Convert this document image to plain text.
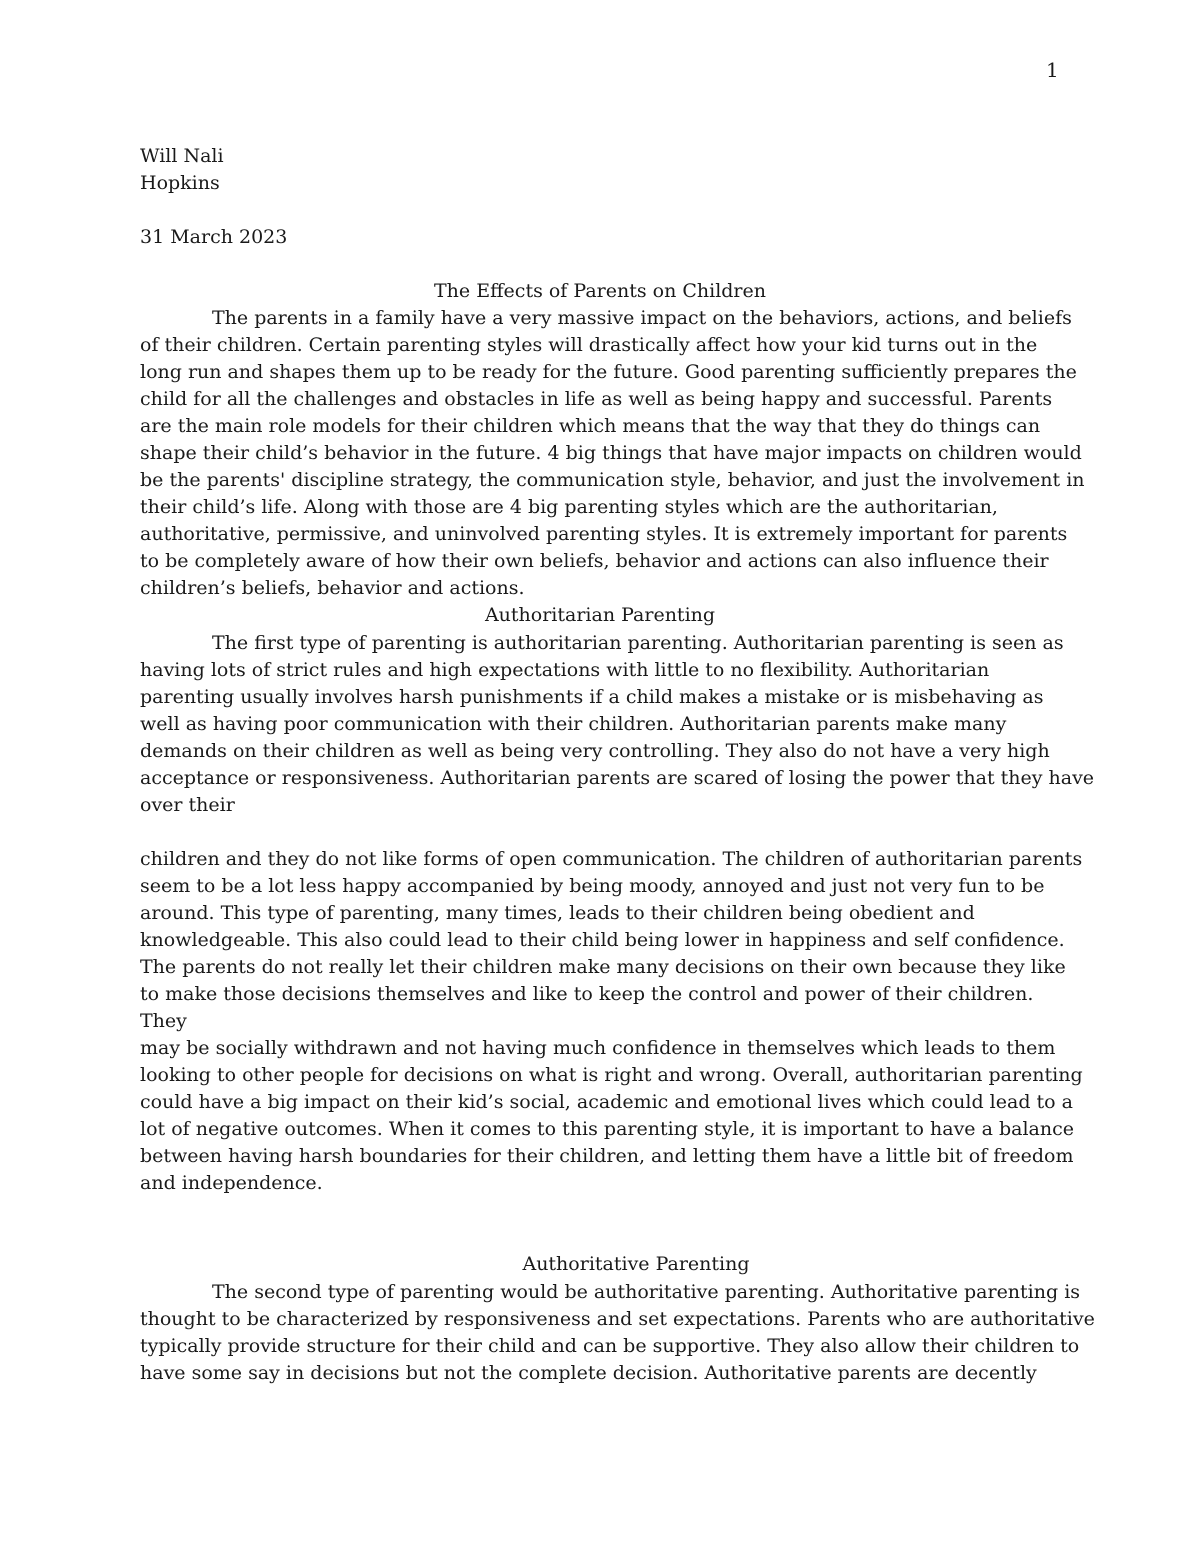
1
Will Nali
Hopkins
31 March 2023
The Effects of Parents on Children
The parents in a family have a very massive impact on the behaviors, actions, and beliefs
of their children. Certain parenting styles will drastically affect how your kid turns out in the
long run and shapes them up to be ready for the future. Good parenting sufficiently prepares the
child for all the challenges and obstacles in life as well as being happy and successful. Parents
are the main role models for their children which means that the way that they do things can
shape their child’s behavior in the future. 4 big things that have major impacts on children would
be the parents' discipline strategy, the communication style, behavior, and just the involvement in
their child’s life. Along with those are 4 big parenting styles which are the authoritarian,
authoritative, permissive, and uninvolved parenting styles. It is extremely important for parents
to be completely aware of how their own beliefs, behavior and actions can also influence their
children’s beliefs, behavior and actions.
Authoritarian Parenting
The first type of parenting is authoritarian parenting. Authoritarian parenting is seen as
having lots of strict rules and high expectations with little to no flexibility. Authoritarian
parenting usually involves harsh punishments if a child makes a mistake or is misbehaving as
well as having poor communication with their children. Authoritarian parents make many
demands on their children as well as being very controlling. They also do not have a very high
acceptance or responsiveness. Authoritarian parents are scared of losing the power that they have
over their
children and they do not like forms of open communication. The children of authoritarian parents
seem to be a lot less happy accompanied by being moody, annoyed and just not very fun to be
around. This type of parenting, many times, leads to their children being obedient and
knowledgeable. This also could lead to their child being lower in happiness and self confidence.
The parents do not really let their children make many decisions on their own because they like
to make those decisions themselves and like to keep the control and power of their children.
They
may be socially withdrawn and not having much confidence in themselves which leads to them
looking to other people for decisions on what is right and wrong. Overall, authoritarian parenting
could have a big impact on their kid’s social, academic and emotional lives which could lead to a
lot of negative outcomes. When it comes to this parenting style, it is important to have a balance
between having harsh boundaries for their children, and letting them have a little bit of freedom
and independence.
Authoritative Parenting
The second type of parenting would be authoritative parenting. Authoritative parenting is
thought to be characterized by responsiveness and set expectations. Parents who are authoritative
typically provide structure for their child and can be supportive. They also allow their children to
have some say in decisions but not the complete decision. Authoritative parents are decently
